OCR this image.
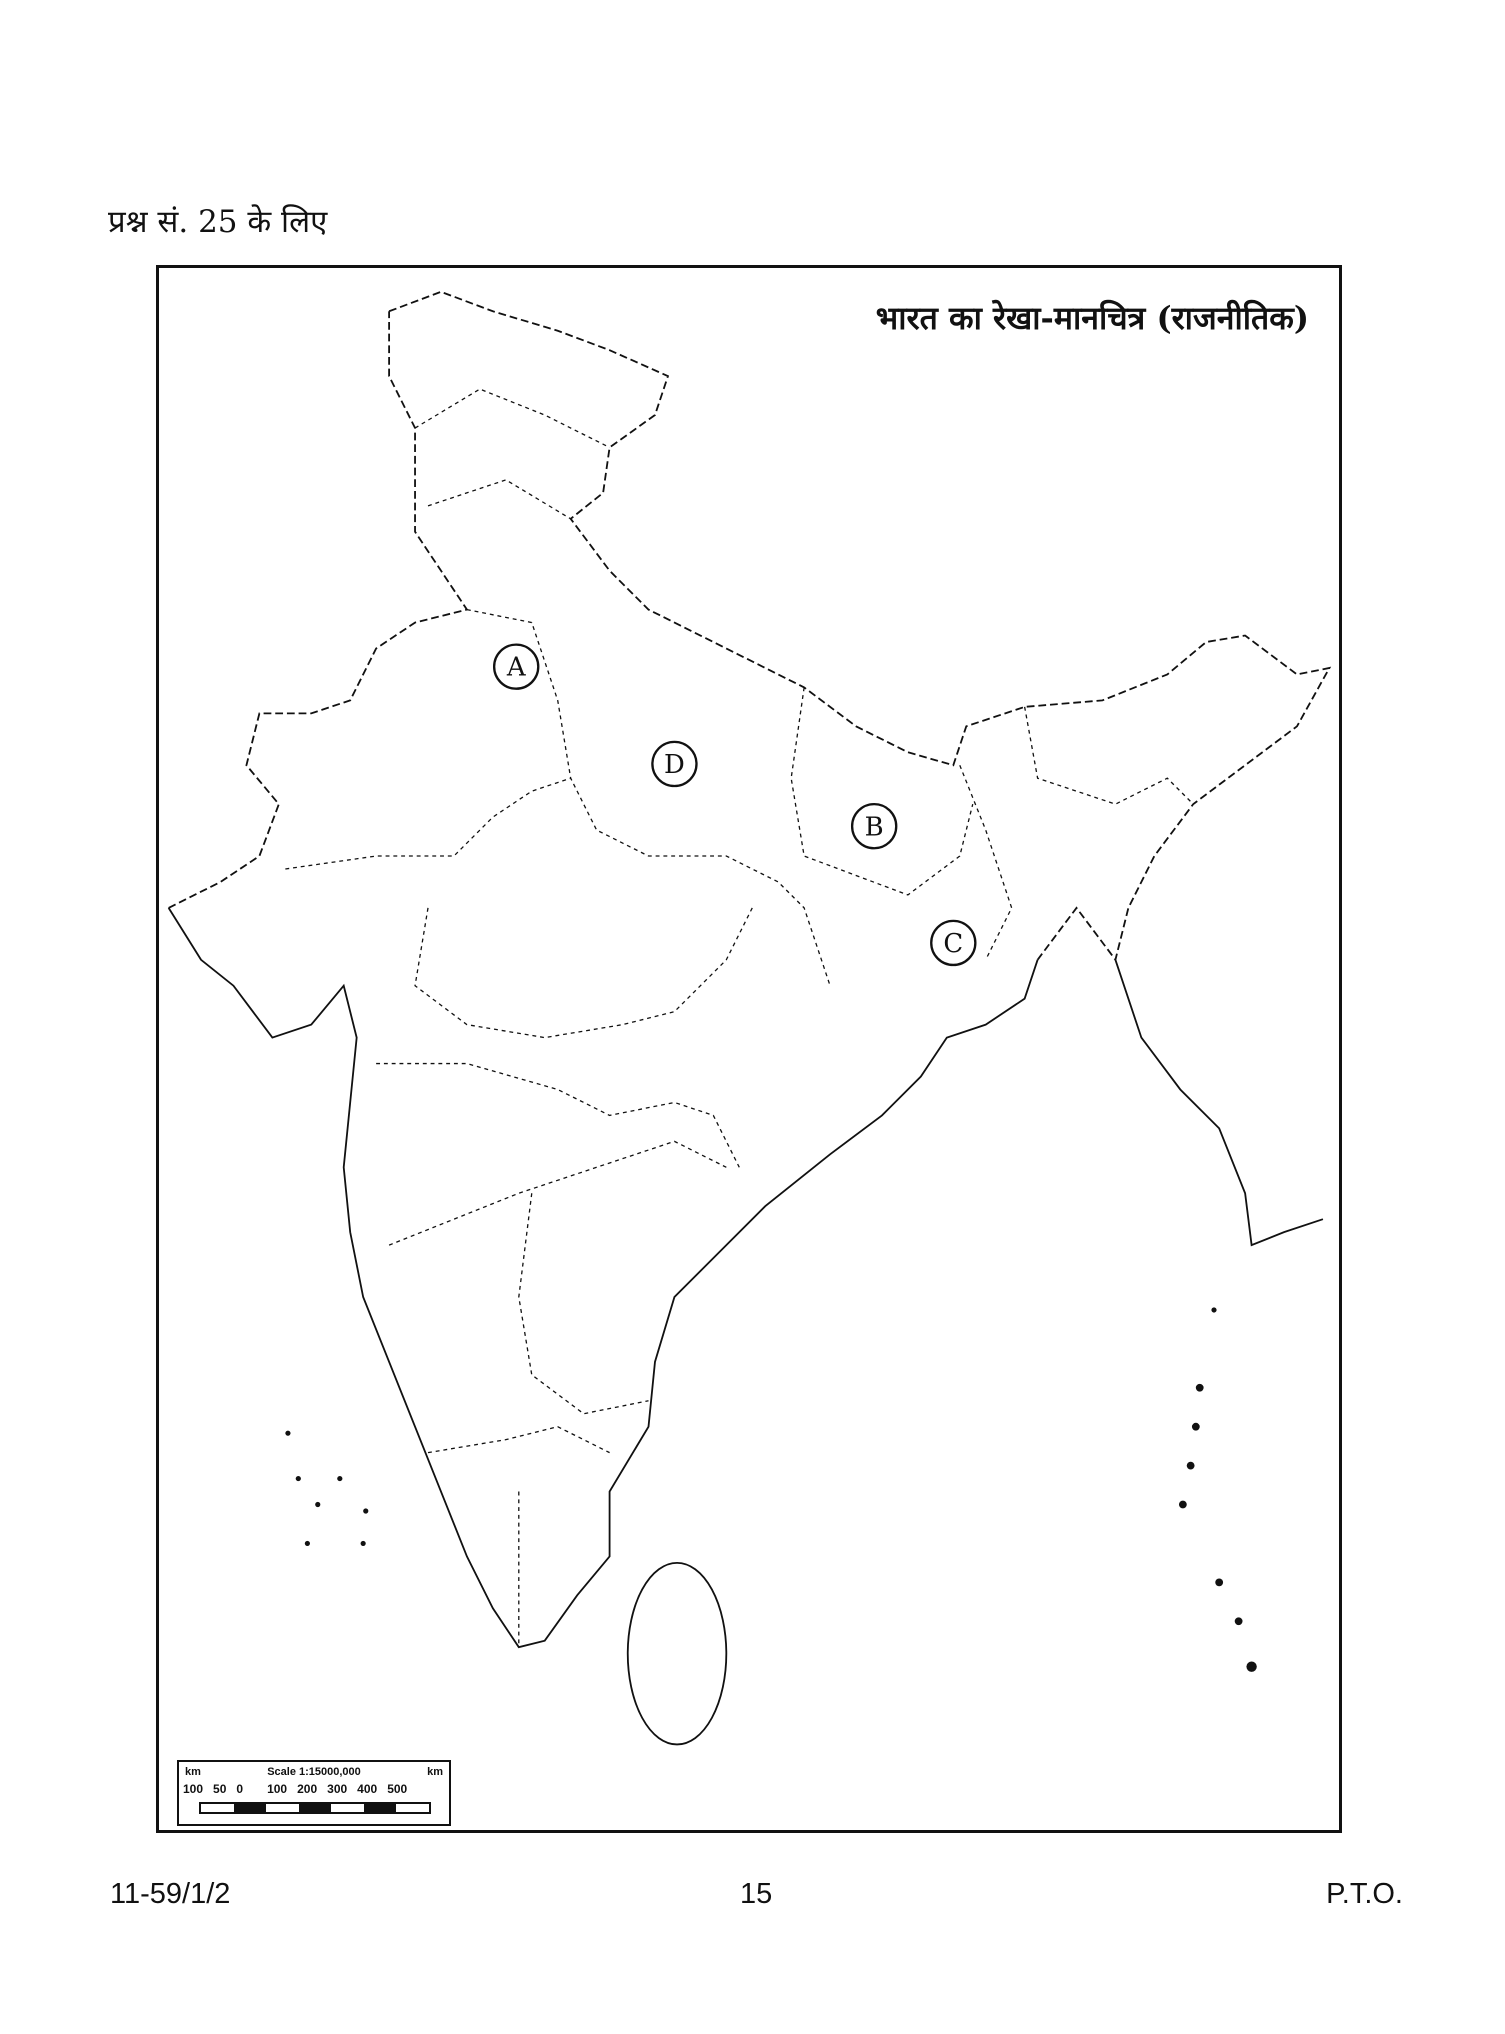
प्रश्न सं. 25 के लिए
A
D
B
C
भारत का रेखा-मानचित्र (राजनीतिक)
km	Scale 1:15000,000	km
100 50 0 100 200 300 400 500
11-59/1/2	15	P.T.O.
